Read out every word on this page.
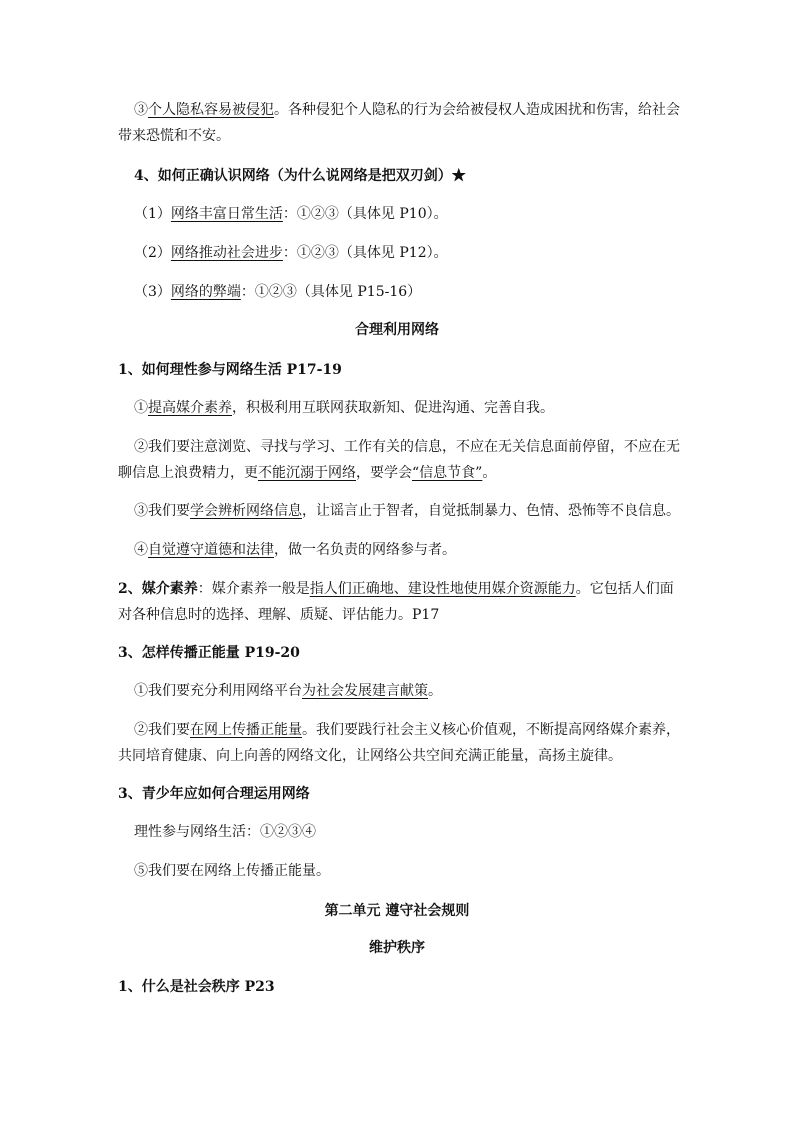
③个人隐私容易被侵犯。各种侵犯个人隐私的行为会给被侵权人造成困扰和伤害，给社会
带来恐慌和不安。
4、如何正确认识网络（为什么说网络是把双刃剑）★
（1）网络丰富日常生活：①②③（具体见 P10）。
（2）网络推动社会进步：①②③（具体见 P12）。
（3）网络的弊端：①②③（具体见 P15-16）
合理利用网络
1、如何理性参与网络生活 P17-19
①提高媒介素养，积极利用互联网获取新知、促进沟通、完善自我。
②我们要注意浏览、寻找与学习、工作有关的信息，不应在无关信息面前停留，不应在无
聊信息上浪费精力，更不能沉溺于网络，要学会“信息节食”。
③我们要学会辨析网络信息，让谣言止于智者，自觉抵制暴力、色情、恐怖等不良信息。
④自觉遵守道德和法律，做一名负责的网络参与者。
2、媒介素养：媒介素养一般是指人们正确地、建设性地使用媒介资源能力。它包括人们面
对各种信息时的选择、理解、质疑、评估能力。P17
3、怎样传播正能量 P19-20
①我们要充分利用网络平台为社会发展建言献策。
②我们要在网上传播正能量。我们要践行社会主义核心价值观，不断提高网络媒介素养，
共同培育健康、向上向善的网络文化，让网络公共空间充满正能量，高扬主旋律。
3、青少年应如何合理运用网络
理性参与网络生活：①②③④
⑤我们要在网络上传播正能量。
第二单元 遵守社会规则
维护秩序
1、什么是社会秩序 P23
